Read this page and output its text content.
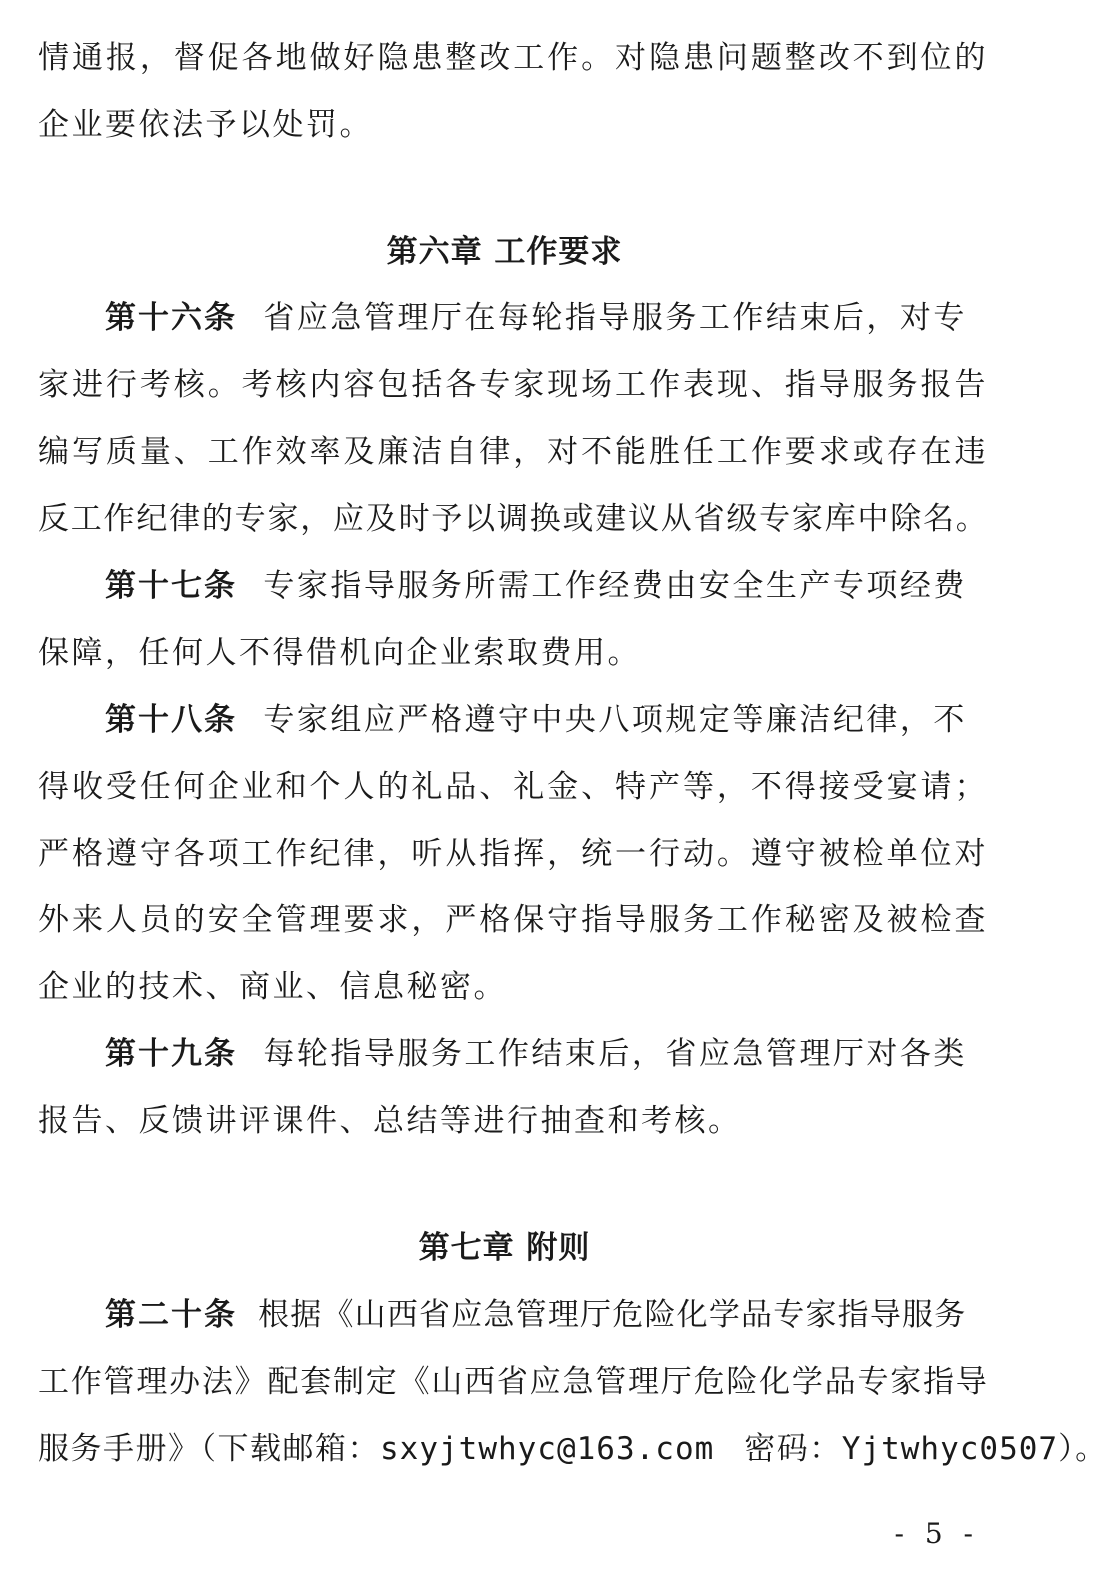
情通报，督促各地做好隐患整改工作。对隐患问题整改不到位的
企业要依法予以处罚。
第六章 工作要求
第十六条 省应急管理厅在每轮指导服务工作结束后，对专
家进行考核。考核内容包括各专家现场工作表现、指导服务报告
编写质量、工作效率及廉洁自律，对不能胜任工作要求或存在违
反工作纪律的专家，应及时予以调换或建议从省级专家库中除名。
第十七条 专家指导服务所需工作经费由安全生产专项经费
保障，任何人不得借机向企业索取费用。
第十八条 专家组应严格遵守中央八项规定等廉洁纪律，不
得收受任何企业和个人的礼品、礼金、特产等，不得接受宴请；
严格遵守各项工作纪律，听从指挥，统一行动。遵守被检单位对
外来人员的安全管理要求，严格保守指导服务工作秘密及被检查
企业的技术、商业、信息秘密。
第十九条 每轮指导服务工作结束后，省应急管理厅对各类
报告、反馈讲评课件、总结等进行抽查和考核。
第七章 附则
第二十条 根据《山西省应急管理厅危险化学品专家指导服务
工作管理办法》配套制定《山西省应急管理厅危险化学品专家指导
服务手册》（下载邮箱：sxyjtwhyc@163.com 密码：Yjtwhyc0507）。
- 5 -
